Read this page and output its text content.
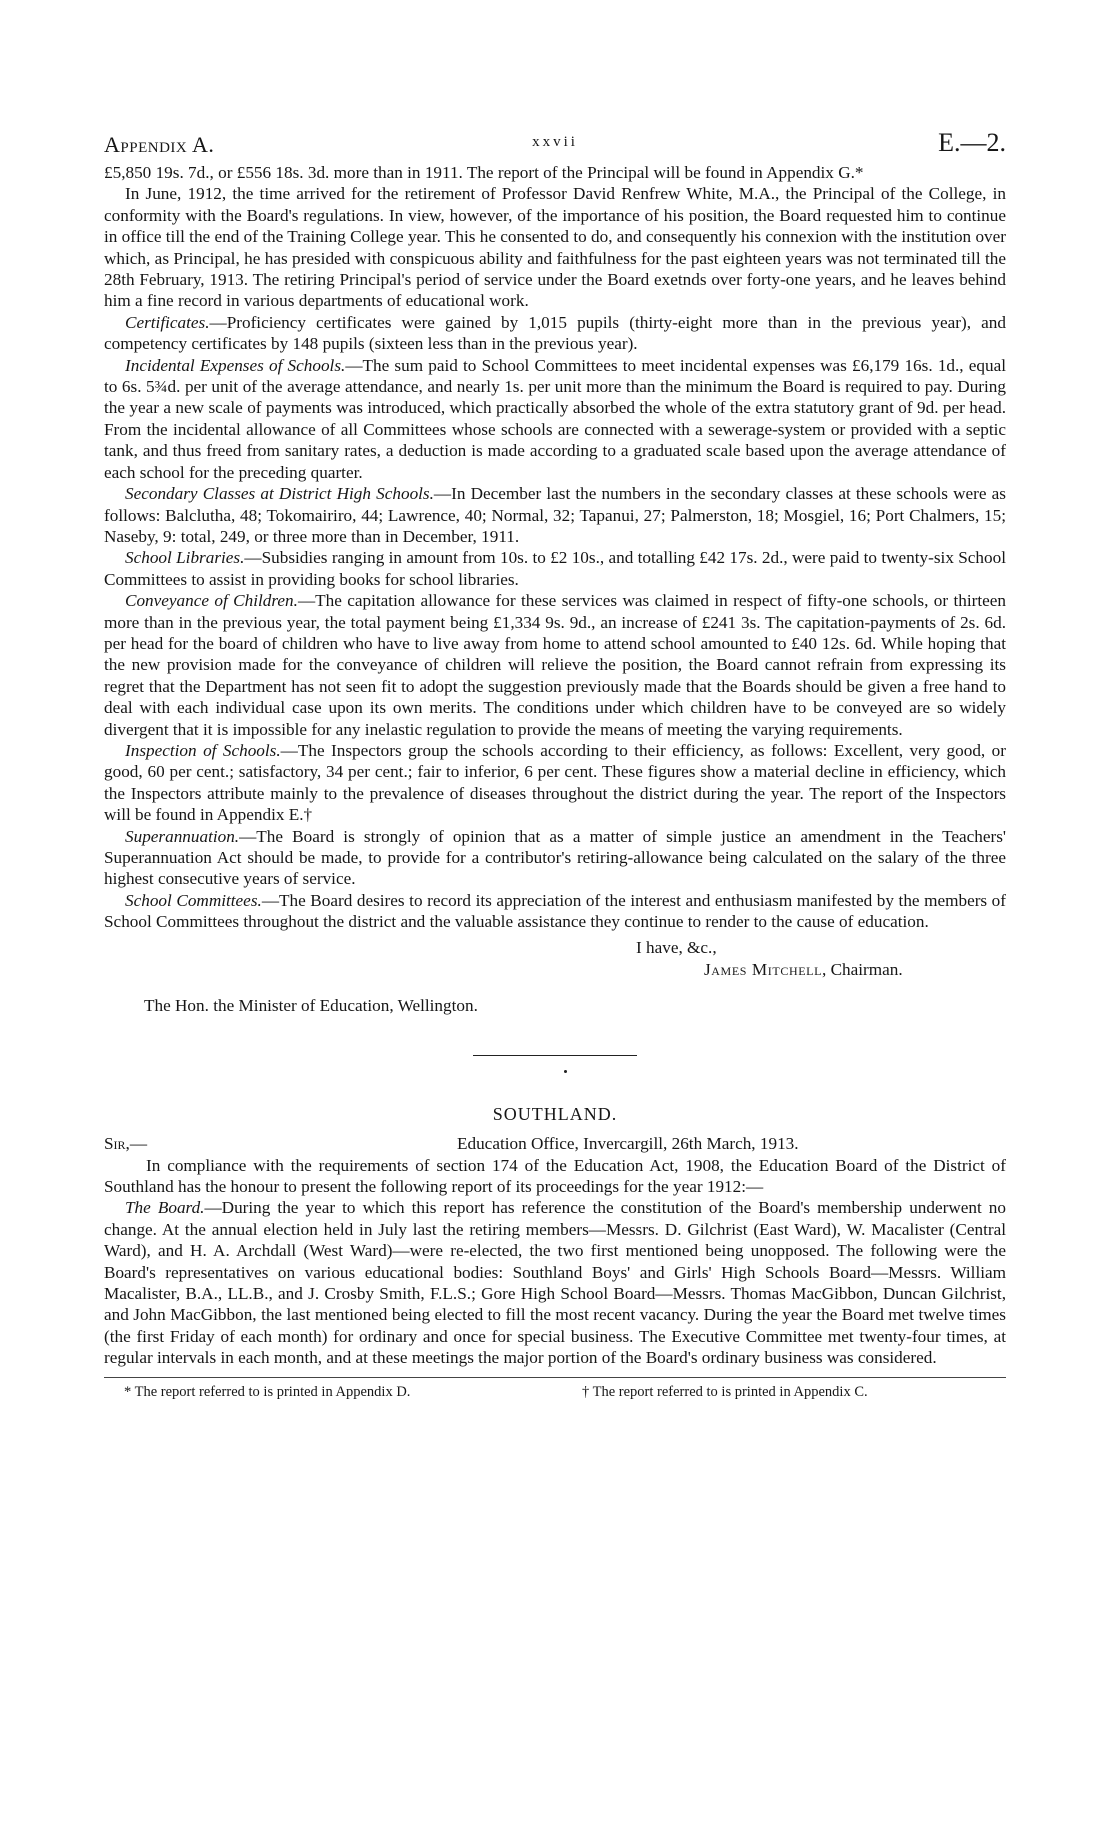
Appendix A.	xxvii	E.—2.

£5,850 19s. 7d., or £556 18s. 3d. more than in 1911. The report of the Principal will be found in Appendix G.*

In June, 1912, the time arrived for the retirement of Professor David Renfrew White, M.A., the Principal of the College, in conformity with the Board's regulations. In view, however, of the importance of his position, the Board requested him to continue in office till the end of the Training College year. This he consented to do, and consequently his connexion with the institution over which, as Principal, he has presided with conspicuous ability and faithfulness for the past eighteen years was not terminated till the 28th February, 1913. The retiring Principal's period of service under the Board exetnds over forty-one years, and he leaves behind him a fine record in various departments of educational work.

Certificates.—Proficiency certificates were gained by 1,015 pupils (thirty-eight more than in the previous year), and competency certificates by 148 pupils (sixteen less than in the previous year).

Incidental Expenses of Schools.—The sum paid to School Committees to meet incidental expenses was £6,179 16s. 1d., equal to 6s. 5¾d. per unit of the average attendance, and nearly 1s. per unit more than the minimum the Board is required to pay. During the year a new scale of payments was introduced, which practically absorbed the whole of the extra statutory grant of 9d. per head. From the incidental allowance of all Committees whose schools are connected with a sewerage-system or provided with a septic tank, and thus freed from sanitary rates, a deduction is made according to a graduated scale based upon the average attendance of each school for the preceding quarter.

Secondary Classes at District High Schools.—In December last the numbers in the secondary classes at these schools were as follows: Balclutha, 48; Tokomairiro, 44; Lawrence, 40; Normal, 32; Tapanui, 27; Palmerston, 18; Mosgiel, 16; Port Chalmers, 15; Naseby, 9: total, 249, or three more than in December, 1911.

School Libraries.—Subsidies ranging in amount from 10s. to £2 10s., and totalling £42 17s. 2d., were paid to twenty-six School Committees to assist in providing books for school libraries.

Conveyance of Children.—The capitation allowance for these services was claimed in respect of fifty-one schools, or thirteen more than in the previous year, the total payment being £1,334 9s. 9d., an increase of £241 3s. The capitation-payments of 2s. 6d. per head for the board of children who have to live away from home to attend school amounted to £40 12s. 6d. While hoping that the new provision made for the conveyance of children will relieve the position, the Board cannot refrain from expressing its regret that the Department has not seen fit to adopt the suggestion previously made that the Boards should be given a free hand to deal with each individual case upon its own merits. The conditions under which children have to be conveyed are so widely divergent that it is impossible for any inelastic regulation to provide the means of meeting the varying requirements.

Inspection of Schools.—The Inspectors group the schools according to their efficiency, as follows: Excellent, very good, or good, 60 per cent.; satisfactory, 34 per cent.; fair to inferior, 6 per cent. These figures show a material decline in efficiency, which the Inspectors attribute mainly to the prevalence of diseases throughout the district during the year. The report of the Inspectors will be found in Appendix E.†

Superannuation.—The Board is strongly of opinion that as a matter of simple justice an amendment in the Teachers' Superannuation Act should be made, to provide for a contributor's retiring-allowance being calculated on the salary of the three highest consecutive years of service.

School Committees.—The Board desires to record its appreciation of the interest and enthusiasm manifested by the members of School Committees throughout the district and the valuable assistance they continue to render to the cause of education.

I have, &c.,
James Mitchell, Chairman.
The Hon. the Minister of Education, Wellington.
SOUTHLAND.
Sir,—	Education Office, Invercargill, 26th March, 1913.

In compliance with the requirements of section 174 of the Education Act, 1908, the Education Board of the District of Southland has the honour to present the following report of its proceedings for the year 1912:—

The Board.—During the year to which this report has reference the constitution of the Board's membership underwent no change. At the annual election held in July last the retiring members—Messrs. D. Gilchrist (East Ward), W. Macalister (Central Ward), and H. A. Archdall (West Ward)—were re-elected, the two first mentioned being unopposed. The following were the Board's representatives on various educational bodies: Southland Boys' and Girls' High Schools Board—Messrs. William Macalister, B.A., LL.B., and J. Crosby Smith, F.L.S.; Gore High School Board—Messrs. Thomas MacGibbon, Duncan Gilchrist, and John MacGibbon, the last mentioned being elected to fill the most recent vacancy. During the year the Board met twelve times (the first Friday of each month) for ordinary and once for special business. The Executive Committee met twenty-four times, at regular intervals in each month, and at these meetings the major portion of the Board's ordinary business was considered.

* The report referred to is printed in Appendix D.	† The report referred to is printed in Appendix C.
